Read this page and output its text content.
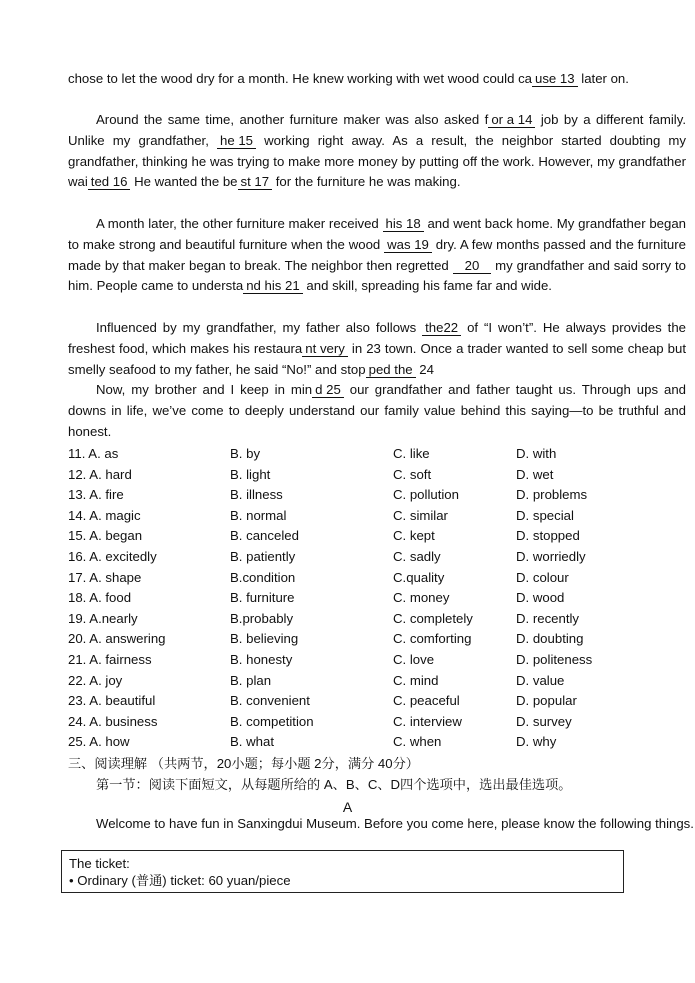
chose to let the wood dry for a month. He knew working with wet wood could ca use 13 later on.

Around the same time, another furniture maker was also asked f or a 14 job by a different family. Unlike my grandfather, he 15 working right away. As a result, the neighbor started doubting my grandfather, thinking he was trying to make more money by putting off the work. However, my grandfather wai ted 16 He wanted the be st 17 for the furniture he was making.

A month later, the other furniture maker received his 18 and went back home. My grandfather began to make strong and beautiful furniture when the wood was 19 dry. A few months passed and the furniture made by that maker began to break. The neighbor then regretted 20 my grandfather and said sorry to him. People came to understa nd his 21 and skill, spreading his fame far and wide.

Influenced by my grandfather, my father also follows the22 of “I won’t”. He always provides the freshest food, which makes his restaura nt very in 23 town. Once a trader wanted to sell some cheap but smelly seafood to my father, he said “No!” and stop ped the 24

Now, my brother and I keep in min d 25 our grandfather and father taught us. Through ups and downs in life, we’ve come to deeply understand our family value behind this saying—to be truthful and honest.

11. A. as	B. by	C. like	D. with
12. A. hard	B. light	C. soft	D. wet
13. A. fire	B. illness	C. pollution	D. problems
14. A. magic	B. normal	C. similar	D. special
15. A. began	B. canceled	C. kept	D. stopped
16. A. excitedly	B. patiently	C. sadly	D. worriedly
17. A. shape	B.condition	C.quality	D. colour
18. A. food	B. furniture	C. money	D. wood
19. A.nearly	B.probably	C. completely	D. recently
20. A. answering	B. believing	C. comforting	D. doubting
21. A. fairness	B. honesty	C. love	D. politeness
22. A. joy	B. plan	C. mind	D. value
23. A. beautiful	B. convenient	C. peaceful	D. popular
24. A. business	B. competition	C. interview	D. survey
25. A. how	B. what	C. when	D. why
三、阅读理解 （共两节，20小题；每小题 2分，满分 40分）
第一节：阅读下面短文，从每题所给的 A、B、C、D四个选项中，选出最佳选项。
A

Welcome to have fun in Sanxingdui Museum. Before you come here, please know the following things.

The ticket:
• Ordinary (普通) ticket: 60 yuan/piece
